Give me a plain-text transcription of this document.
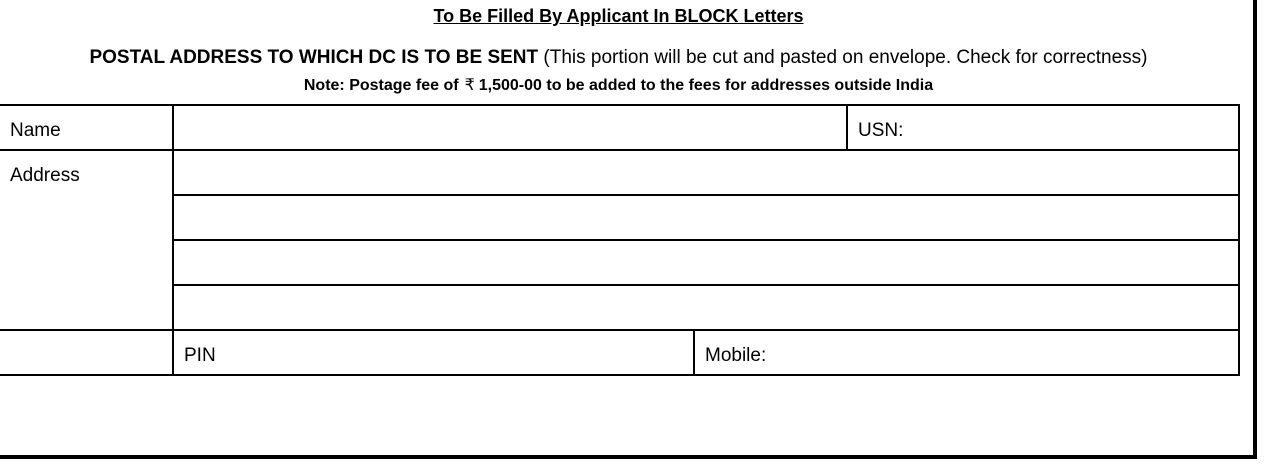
To Be Filled By Applicant In BLOCK Letters
POSTAL ADDRESS TO WHICH DC IS TO BE SENT (This portion will be cut and pasted on envelope. Check for correctness)
Note: Postage fee of ₹ 1,500-00 to be added to the fees for addresses outside India
Name			USN:
Address			

	PIN	Mobile:	
